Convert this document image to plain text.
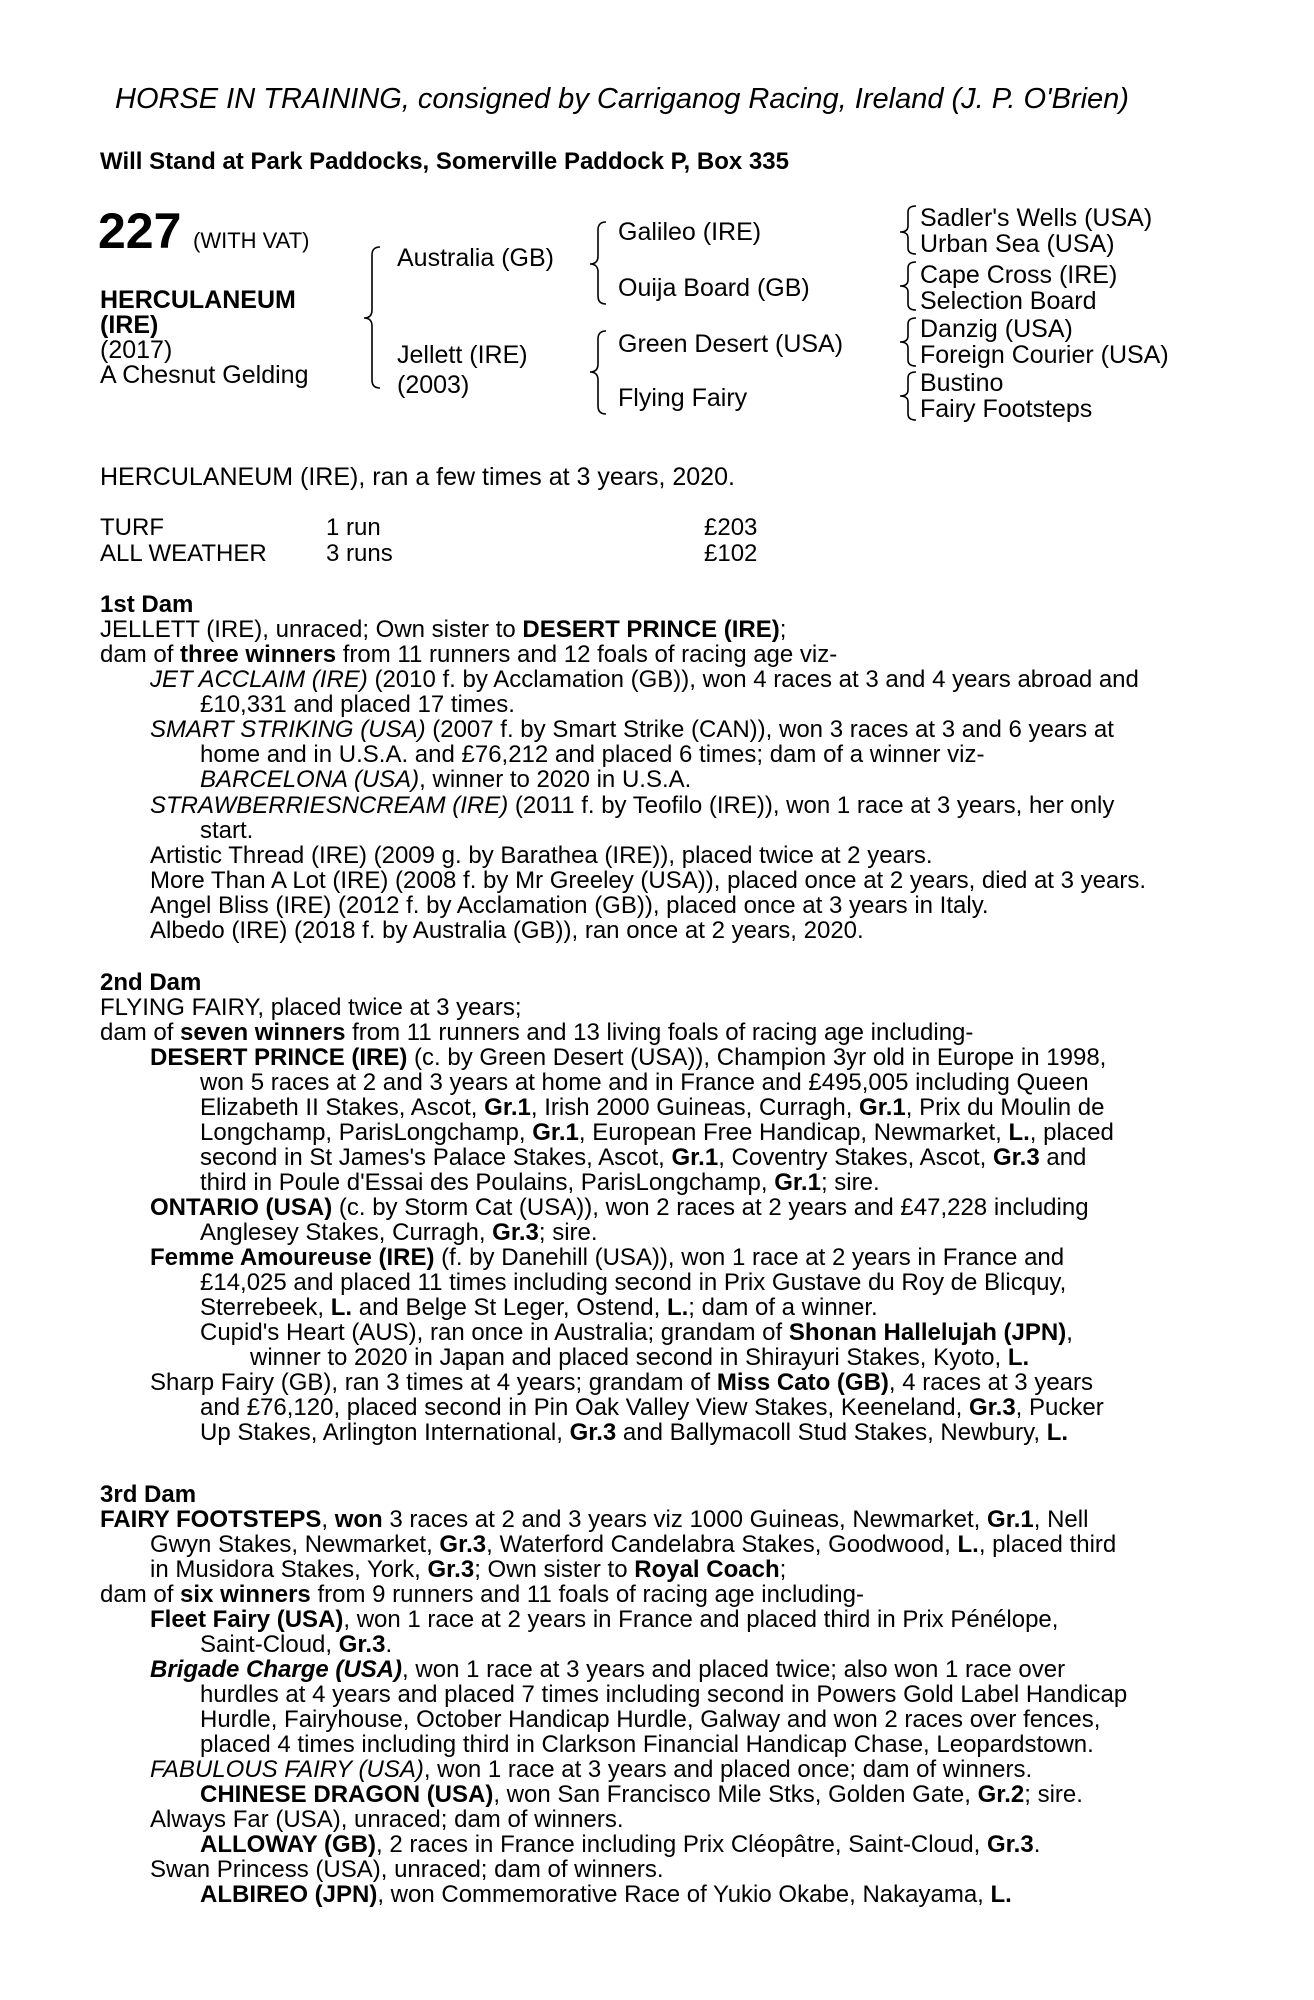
HORSE IN TRAINING, consigned by Carriganog Racing, Ireland (J. P. O'Brien)
Will Stand at Park Paddocks, Somerville Paddock P, Box 335
227 (WITH VAT)
HERCULANEUM
(IRE)
(2017)
A Chesnut Gelding
Australia (GB)
Jellett (IRE)
(2003)
Galileo (IRE)
Ouija Board (GB)
Green Desert (USA)
Flying Fairy
Sadler's Wells (USA)
Urban Sea (USA)
Cape Cross (IRE)
Selection Board
Danzig (USA)
Foreign Courier (USA)
Bustino
Fairy Footsteps
HERCULANEUM (IRE), ran a few times at 3 years, 2020.
TURF	1 run	£203
ALL WEATHER 3 runs	£102
1st Dam
JELLETT (IRE), unraced; Own sister to DESERT PRINCE (IRE);
dam of three winners from 11 runners and 12 foals of racing age viz-
JET ACCLAIM (IRE) (2010 f. by Acclamation (GB)), won 4 races at 3 and 4 years abroad and
£10,331 and placed 17 times.
SMART STRIKING (USA) (2007 f. by Smart Strike (CAN)), won 3 races at 3 and 6 years at
home and in U.S.A. and £76,212 and placed 6 times; dam of a winner viz-
BARCELONA (USA), winner to 2020 in U.S.A.
STRAWBERRIESNCREAM (IRE) (2011 f. by Teofilo (IRE)), won 1 race at 3 years, her only
start.
Artistic Thread (IRE) (2009 g. by Barathea (IRE)), placed twice at 2 years.
More Than A Lot (IRE) (2008 f. by Mr Greeley (USA)), placed once at 2 years, died at 3 years.
Angel Bliss (IRE) (2012 f. by Acclamation (GB)), placed once at 3 years in Italy.
Albedo (IRE) (2018 f. by Australia (GB)), ran once at 2 years, 2020.
2nd Dam
FLYING FAIRY, placed twice at 3 years;
dam of seven winners from 11 runners and 13 living foals of racing age including-
DESERT PRINCE (IRE) (c. by Green Desert (USA)), Champion 3yr old in Europe in 1998,
won 5 races at 2 and 3 years at home and in France and £495,005 including Queen
Elizabeth II Stakes, Ascot, Gr.1, Irish 2000 Guineas, Curragh, Gr.1, Prix du Moulin de
Longchamp, ParisLongchamp, Gr.1, European Free Handicap, Newmarket, L., placed
second in St James's Palace Stakes, Ascot, Gr.1, Coventry Stakes, Ascot, Gr.3 and
third in Poule d'Essai des Poulains, ParisLongchamp, Gr.1; sire.
ONTARIO (USA) (c. by Storm Cat (USA)), won 2 races at 2 years and £47,228 including
Anglesey Stakes, Curragh, Gr.3; sire.
Femme Amoureuse (IRE) (f. by Danehill (USA)), won 1 race at 2 years in France and
£14,025 and placed 11 times including second in Prix Gustave du Roy de Blicquy,
Sterrebeek, L. and Belge St Leger, Ostend, L.; dam of a winner.
Cupid's Heart (AUS), ran once in Australia; grandam of Shonan Hallelujah (JPN),
winner to 2020 in Japan and placed second in Shirayuri Stakes, Kyoto, L.
Sharp Fairy (GB), ran 3 times at 4 years; grandam of Miss Cato (GB), 4 races at 3 years
and £76,120, placed second in Pin Oak Valley View Stakes, Keeneland, Gr.3, Pucker
Up Stakes, Arlington International, Gr.3 and Ballymacoll Stud Stakes, Newbury, L.
3rd Dam
FAIRY FOOTSTEPS, won 3 races at 2 and 3 years viz 1000 Guineas, Newmarket, Gr.1, Nell
Gwyn Stakes, Newmarket, Gr.3, Waterford Candelabra Stakes, Goodwood, L., placed third
in Musidora Stakes, York, Gr.3; Own sister to Royal Coach;
dam of six winners from 9 runners and 11 foals of racing age including-
Fleet Fairy (USA), won 1 race at 2 years in France and placed third in Prix Pénélope,
Saint-Cloud, Gr.3.
Brigade Charge (USA), won 1 race at 3 years and placed twice; also won 1 race over
hurdles at 4 years and placed 7 times including second in Powers Gold Label Handicap
Hurdle, Fairyhouse, October Handicap Hurdle, Galway and won 2 races over fences,
placed 4 times including third in Clarkson Financial Handicap Chase, Leopardstown.
FABULOUS FAIRY (USA), won 1 race at 3 years and placed once; dam of winners.
CHINESE DRAGON (USA), won San Francisco Mile Stks, Golden Gate, Gr.2; sire.
Always Far (USA), unraced; dam of winners.
ALLOWAY (GB), 2 races in France including Prix Cléopâtre, Saint-Cloud, Gr.3.
Swan Princess (USA), unraced; dam of winners.
ALBIREO (JPN), won Commemorative Race of Yukio Okabe, Nakayama, L.
